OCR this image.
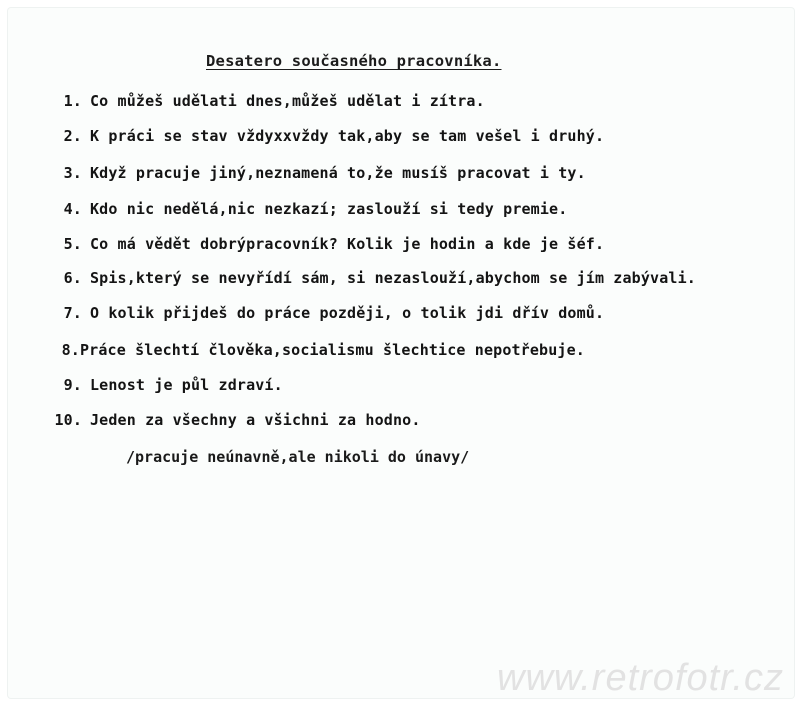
Desatero současného pracovníka.
1. Co můžeš udělati dnes,můžeš udělat i zítra.
2. K práci se stav vždyxxvždy tak,aby se tam vešel i druhý.
3. Když pracuje jiný,neznamená to,že musíš pracovat i ty.
4. Kdo nic nedělá,nic nezkazí; zaslouží si tedy premie.
5. Co má vědět dobrýpracovník? Kolik je hodin a kde je šéf.
6. Spis,který se nevyřídí sám, si nezaslouží,abychom se jím zabývali.
7. O kolik přijdeš do práce později, o tolik jdi dřív domů.
8.Práce šlechtí člověka,socialismu šlechtice nepotřebuje.
9. Lenost je půl zdraví.
10. Jeden za všechny a všichni za hodno.
/pracuje neúnavně,ale nikoli do únavy/
www.retrofotr.cz
